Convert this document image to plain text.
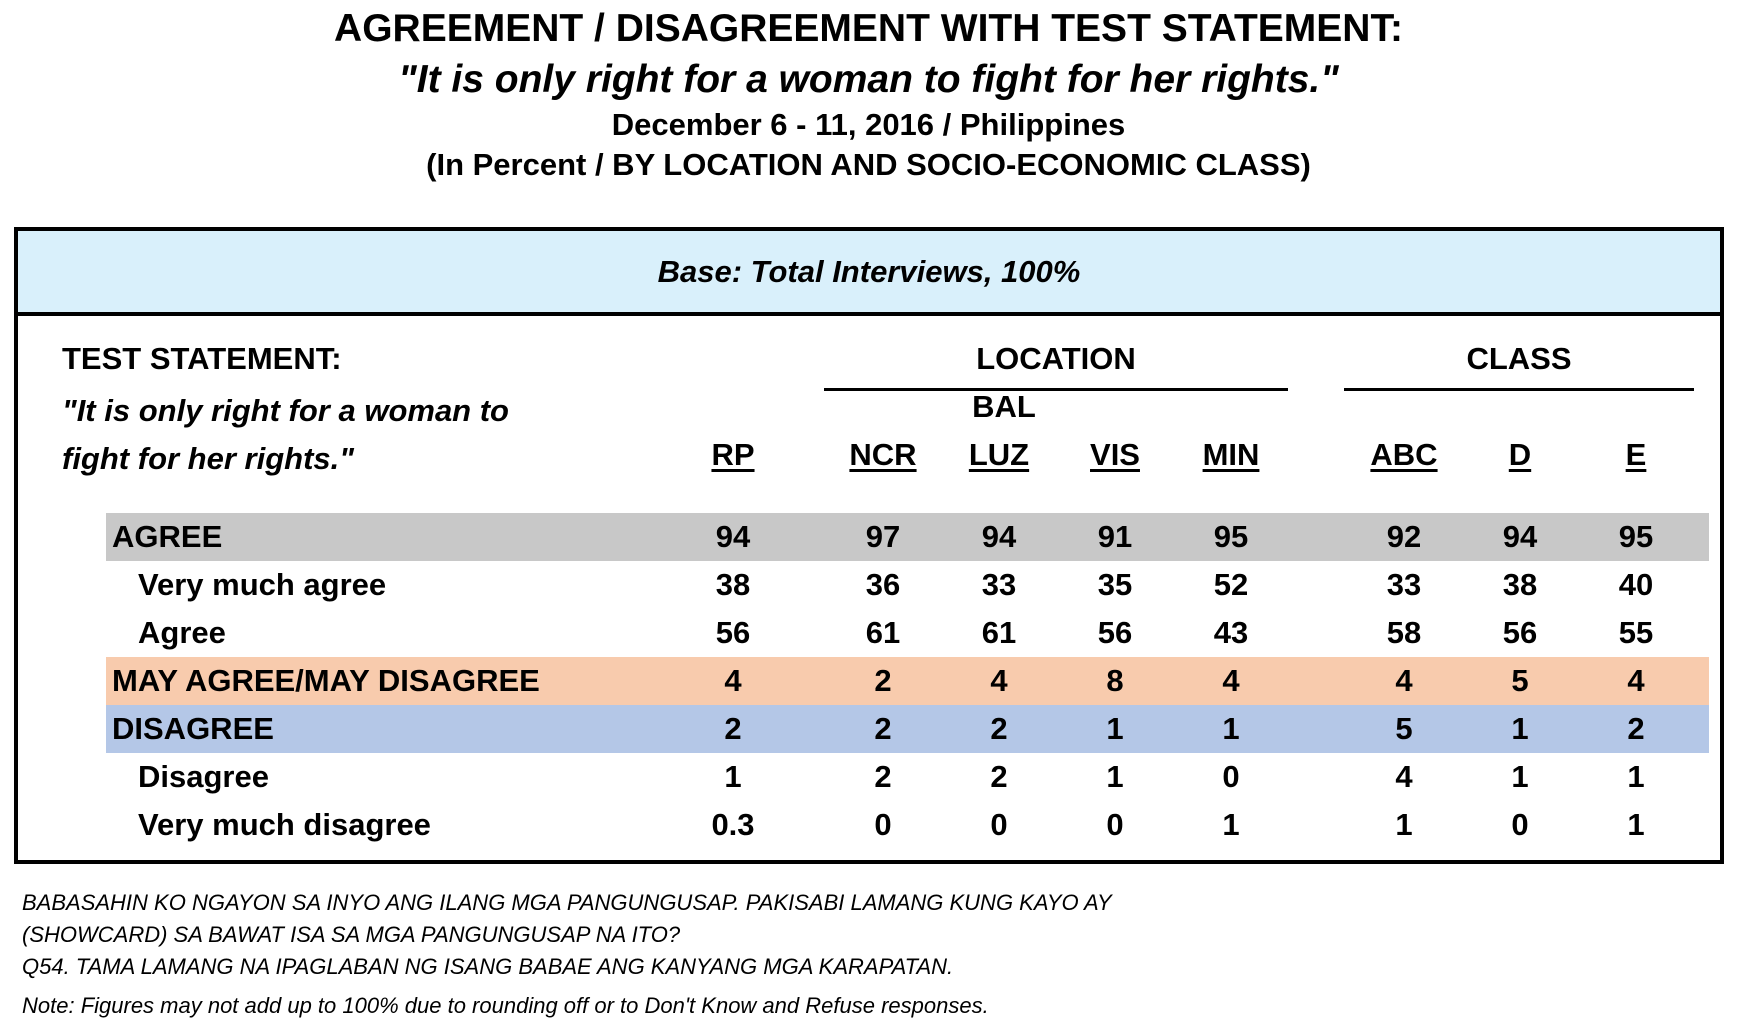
AGREEMENT / DISAGREEMENT WITH TEST STATEMENT:
"It is only right for a woman to fight for her rights."
December 6 - 11, 2016 / Philippines
(In Percent / BY LOCATION AND SOCIO-ECONOMIC CLASS)
Base: Total Interviews, 100%
TEST STATEMENT:
"It is only right for a woman to
fight for her rights."
LOCATION	CLASS
BAL
RP	NCR	LUZ	VIS	MIN	ABC	D	E
AGREE	94	97	94	91	95	92	94	95
Very much agree	38	36	33	35	52	33	38	40
Agree	56	61	61	56	43	58	56	55
MAY AGREE/MAY DISAGREE	4	2	4	8	4	4	5	4
DISAGREE	2	2	2	1	1	5	1	2
Disagree	1	2	2	1	0	4	1	1
Very much disagree	0.3	0	0	0	1	1	0	1
BABASAHIN KO NGAYON SA INYO ANG ILANG MGA PANGUNGUSAP. PAKISABI LAMANG KUNG KAYO AY
(SHOWCARD) SA BAWAT ISA SA MGA PANGUNGUSAP NA ITO?
Q54. TAMA LAMANG NA IPAGLABAN NG ISANG BABAE ANG KANYANG MGA KARAPATAN.
Note: Figures may not add up to 100% due to rounding off or to Don't Know and Refuse responses.
